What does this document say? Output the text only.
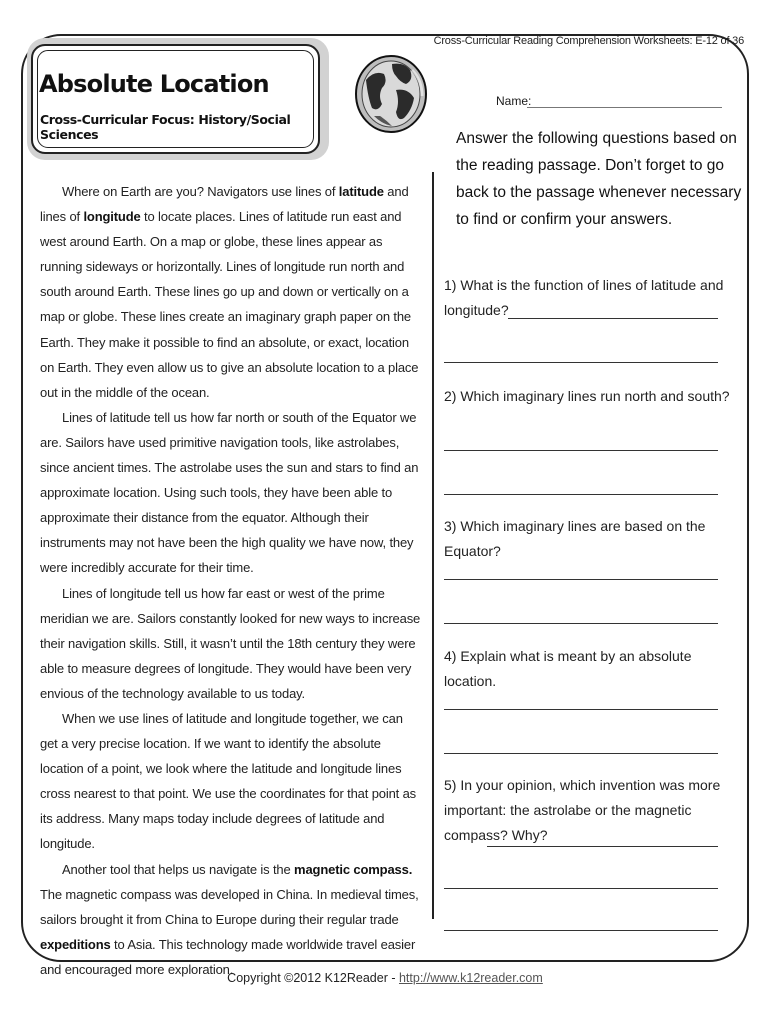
Cross-Curricular Reading Comprehension Worksheets: E-12 of 36
Absolute Location
Cross-Curricular Focus: History/Social Sciences
Name:
Answer the following questions based on the reading passage. Don’t forget to go back to the passage whenever necessary to find or confirm your answers.

Where on Earth are you? Navigators use lines of latitude and lines of longitude to locate places. Lines of latitude run east and west around Earth. On a map or globe, these lines appear as running sideways or horizontally. Lines of longitude run north and south around Earth. These lines go up and down or vertically on a map or globe. These lines create an imaginary graph paper on the Earth. They make it possible to find an absolute, or exact, location on Earth. They even allow us to give an absolute location to a place out in the middle of the ocean.

Lines of latitude tell us how far north or south of the Equator we are. Sailors have used primitive navigation tools, like astrolabes, since ancient times. The astrolabe uses the sun and stars to find an approximate location. Using such tools, they have been able to approximate their distance from the equator. Although their instruments may not have been the high quality we have now, they were incredibly accurate for their time.

Lines of longitude tell us how far east or west of the prime meridian we are. Sailors constantly looked for new ways to increase their navigation skills. Still, it wasn’t until the 18th century they were able to measure degrees of longitude. They would have been very envious of the technology available to us today.

When we use lines of latitude and longitude together, we can get a very precise location. If we want to identify the absolute location of a point, we look where the latitude and longitude lines cross nearest to that point. We use the coordinates for that point as its address. Many maps today include degrees of latitude and longitude.

Another tool that helps us navigate is the magnetic compass. The magnetic compass was developed in China. In medieval times, sailors brought it from China to Europe during their regular trade expeditions to Asia. This technology made worldwide travel easier and encouraged more exploration.

1) What is the function of lines of latitude and longitude?
2) Which imaginary lines run north and south?
3) Which imaginary lines are based on the Equator?
4) Explain what is meant by an absolute location.
5) In your opinion, which invention was more important: the astrolabe or the magnetic compass? Why?
Copyright ©2012 K12Reader - http://www.k12reader.com
